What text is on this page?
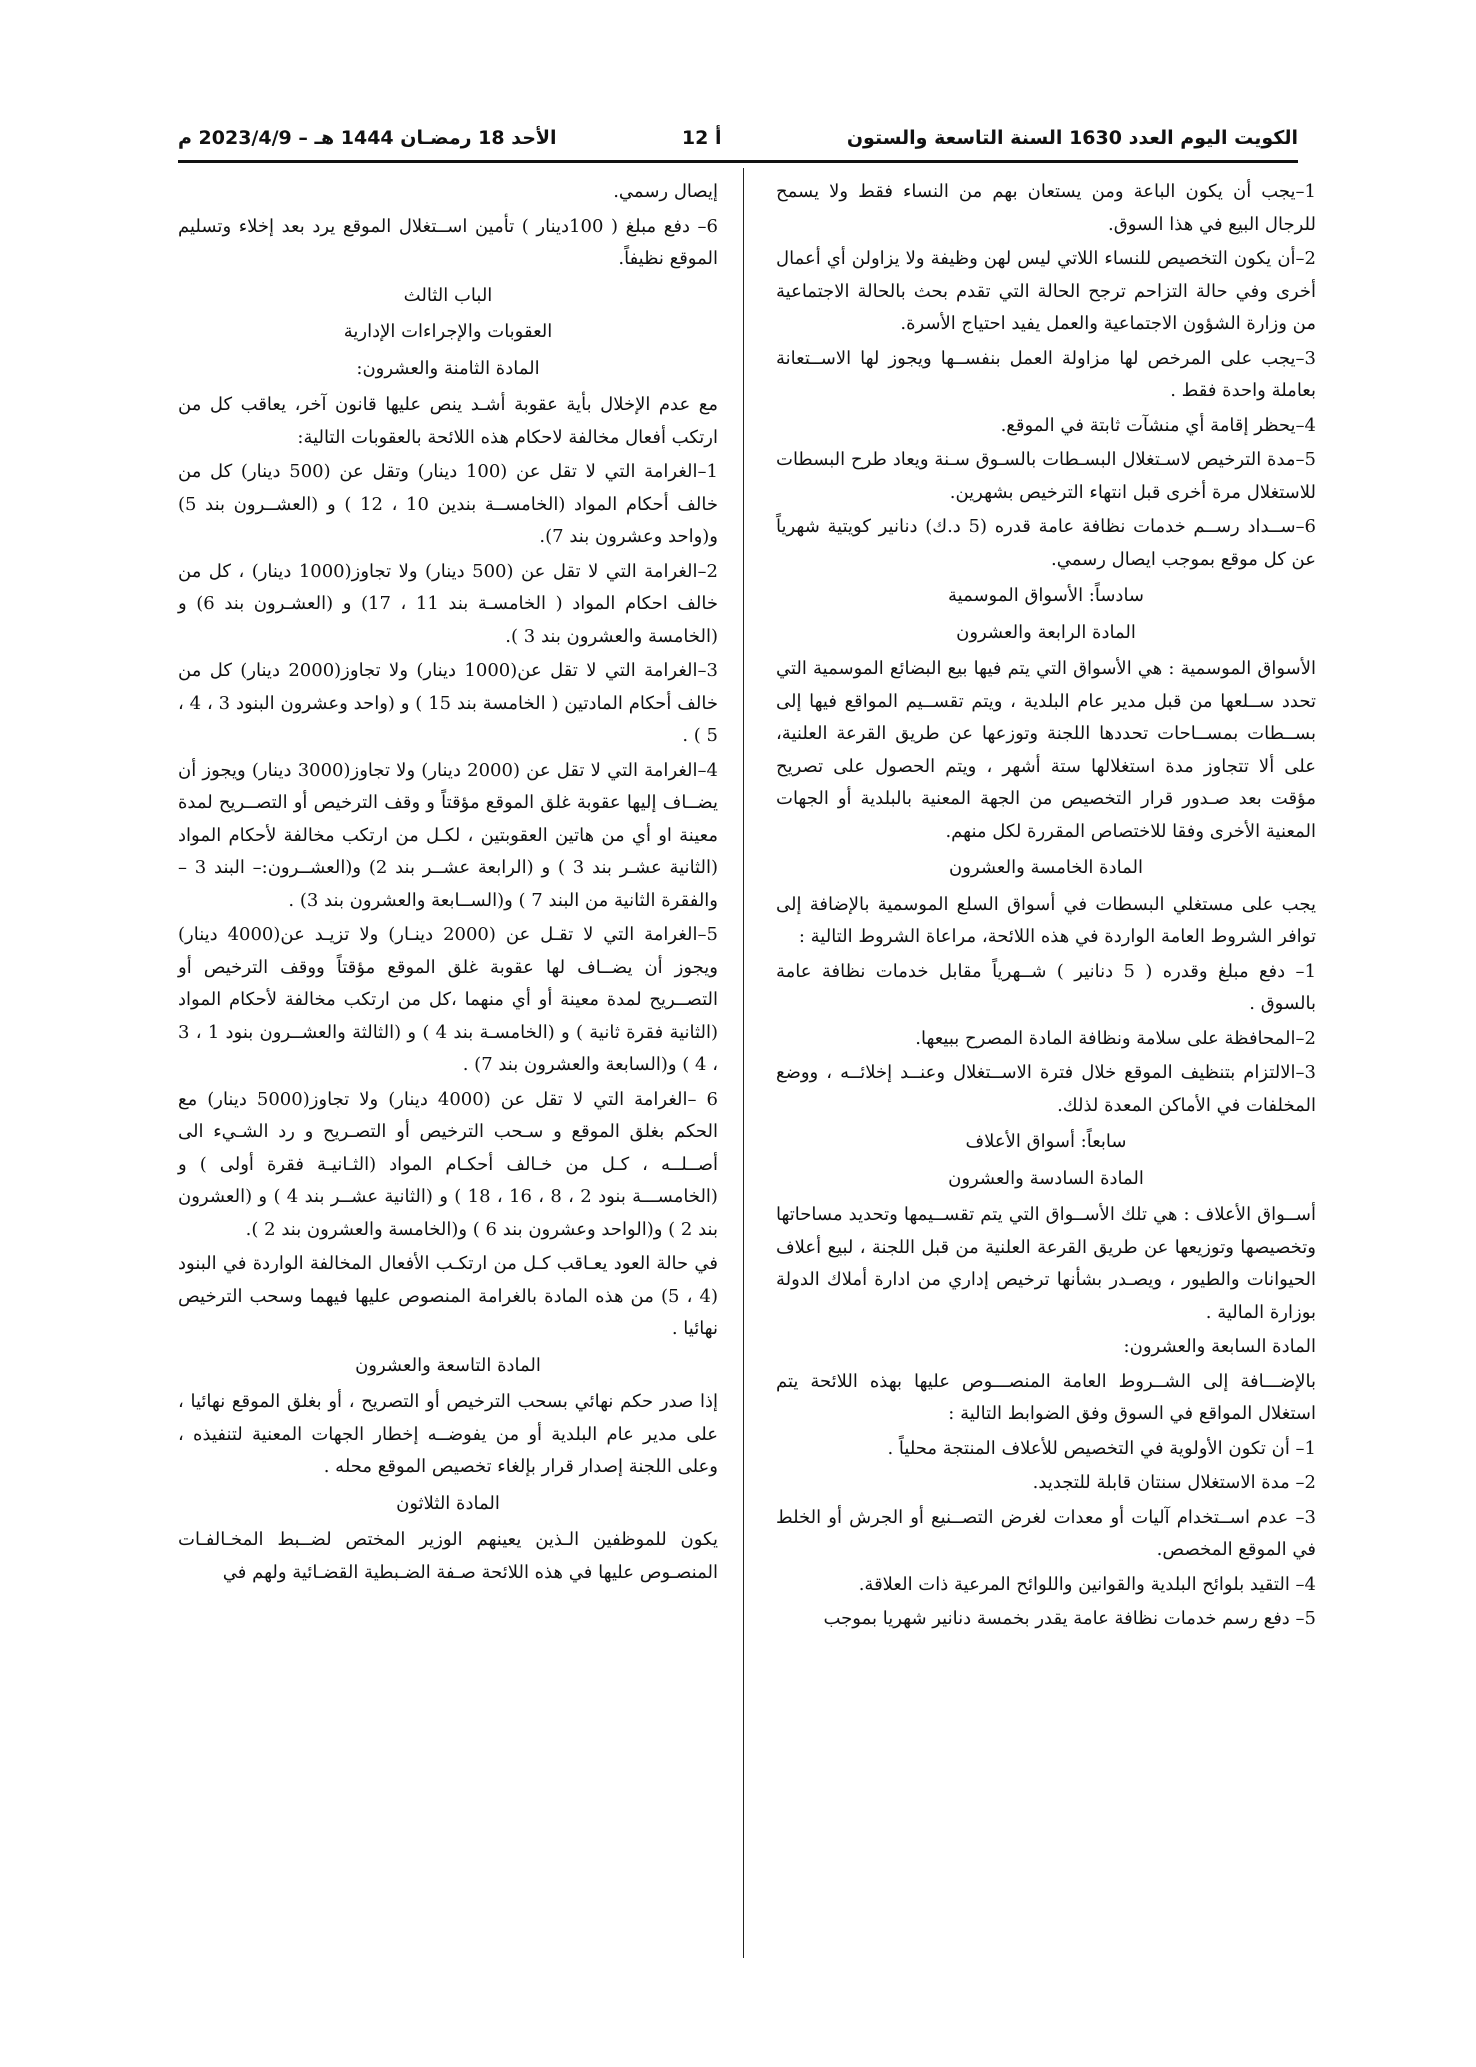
الكويت اليوم العدد 1630 السنة التاسعة والستون
أ 12
الأحد 18 رمضـان 1444 هـ – 2023/4/9 م

1–يجب أن يكون الباعة ومن يستعان بهم من النساء فقط ولا يسمح للرجال البيع في هذا السوق.

2–أن يكون التخصيص للنساء اللاتي ليس لهن وظيفة ولا يزاولن أي أعمال أخرى وفي حالة التزاحم ترجح الحالة التي تقدم بحث بالحالة الاجتماعية من وزارة الشؤون الاجتماعية والعمل يفيد احتياج الأسرة.

3–يجب على المرخص لها مزاولة العمل بنفســها ويجوز لها الاســتعانة بعاملة واحدة فقط .

4–يحظر إقامة أي منشآت ثابتة في الموقع.

5–مدة الترخيص لاسـتغلال البسـطات بالسـوق سـنة ويعاد طرح البسطات للاستغلال مرة أخرى قبل انتهاء الترخيص بشهرين.

6–ســداد رســم خدمات نظافة عامة قدره (5 د.ك) دنانير كويتية شهرياً عن كل موقع بموجب ايصال رسمي.

سادساً: الأسواق الموسمية

المادة الرابعة والعشرون

الأسواق الموسمية : هي الأسواق التي يتم فيها بيع البضائع الموسمية التي تحدد ســلعها من قبل مدير عام البلدية ، ويتم تقســيم المواقع فيها إلى بســطات بمســاحات تحددها اللجنة وتوزعها عن طريق القرعة العلنية، على ألا تتجاوز مدة استغلالها ستة أشهر ، ويتم الحصول على تصريح مؤقت بعد صـدور قرار التخصيص من الجهة المعنية بالبلدية أو الجهات المعنية الأخرى وفقا للاختصاص المقررة لكل منهم.

المادة الخامسة والعشرون

يجب على مستغلي البسطات في أسواق السلع الموسمية بالإضافة إلى توافر الشروط العامة الواردة في هذه اللائحة، مراعاة الشروط التالية :

1– دفع مبلغ وقدره ( 5 دنانير ) شــهرياً مقابل خدمات نظافة عامة بالسوق .

2–المحافظة على سلامة ونظافة المادة المصرح ببيعها.

3–الالتزام بتنظيف الموقع خلال فترة الاســتغلال وعنــد إخلائــه ، ووضع المخلفات في الأماكن المعدة لذلك.

سابعاً: أسواق الأعلاف

المادة السادسة والعشرون

أســواق الأعلاف : هي تلك الأســواق التي يتم تقســيمها وتحديد مساحاتها وتخصيصها وتوزيعها عن طريق القرعة العلنية من قبل اللجنة ، لبيع أعلاف الحيوانات والطيور ، ويصـدر بشأنها ترخيص إداري من ادارة أملاك الدولة بوزارة المالية .

المادة السابعة والعشرون:

بالإضـــافة إلى الشــروط العامة المنصـــوص عليها بهذه اللائحة يتم استغلال المواقع في السوق وفق الضوابط التالية :

1– أن تكون الأولوية في التخصيص للأعلاف المنتجة محلياً .

2– مدة الاستغلال سنتان قابلة للتجديد.

3– عدم اســتخدام آليات أو معدات لغرض التصــنيع أو الجرش أو الخلط في الموقع المخصص.

4– التقيد بلوائح البلدية والقوانين واللوائح المرعية ذات العلاقة.

5– دفع رسم خدمات نظافة عامة يقدر بخمسة دنانير شهريا بموجب

إيصال رسمي.

6– دفع مبلغ ( 100دينار ) تأمين اســتغلال الموقع يرد بعد إخلاء وتسليم الموقع نظيفاً.

الباب الثالث

العقوبات والإجراءات الإدارية

المادة الثامنة والعشرون:

مع عدم الإخلال بأية عقوبة أشـد ينص عليها قانون آخر، يعاقب كل من ارتكب أفعال مخالفة لاحكام هذه اللائحة بالعقوبات التالية:

1–الغرامة التي لا تقل عن (100 دينار) وتقل عن (500 دينار) كل من خالف أحكام المواد (الخامســة بندين 10 ، 12 ) و (العشــرون بند 5) و(واحد وعشرون بند 7).

2–الغرامة التي لا تقل عن (500 دينار) ولا تجاوز(1000 دينار) ، كل من خالف احكام المواد ( الخامسـة بند 11 ، 17) و (العشـرون بند 6) و (الخامسة والعشرون بند 3 ).

3–الغرامة التي لا تقل عن(1000 دينار) ولا تجاوز(2000 دينار) كل من خالف أحكام المادتين ( الخامسة بند 15 ) و (واحد وعشرون البنود 3 ، 4 ، 5 ) .

4–الغرامة التي لا تقل عن (2000 دينار) ولا تجاوز(3000 دينار) ويجوز أن يضــاف إليها عقوبة غلق الموقع مؤقتاً و وقف الترخيص أو التصــريح لمدة معينة او أي من هاتين العقوبتين ، لكـل من ارتكب مخالفة لأحكام المواد (الثانية عشـر بند 3 ) و (الرابعة عشــر بند 2) و(العشــرون:– البند 3 – والفقرة الثانية من البند 7 ) و(الســابعة والعشرون بند 3) .

5–الغرامة التي لا تقـل عن (2000 دينـار) ولا تزيـد عن(4000 دينار) ويجوز أن يضــاف لها عقوبة غلق الموقع مؤقتاً ووقف الترخيص أو التصــريح لمدة معينة أو أي منهما ،كل من ارتكب مخالفة لأحكام المواد (الثانية فقرة ثانية ) و (الخامسـة بند 4 ) و (الثالثة والعشــرون بنود 1 ، 3 ، 4 ) و(السابعة والعشرون بند 7) .

6 –الغرامة التي لا تقل عن (4000 دينار) ولا تجاوز(5000 دينار) مع الحكم بغلق الموقع و سـحب الترخيص أو التصـريح و رد الشـيء الى أصــلــه ، كـل من خـالف أحكـام المواد (الثـانيـة فقرة أولى ) و (الخامســـة بنود 2 ، 8 ، 16 ، 18 ) و (الثانية عشــر بند 4 ) و (العشرون بند 2 ) و(الواحد وعشرون بند 6 ) و(الخامسة والعشرون بند 2 ).

في حالة العود يعـاقب كـل من ارتكـب الأفعال المخالفة الواردة في البنود (4 ، 5) من هذه المادة بالغرامة المنصوص عليها فيهما وسحب الترخيص نهائيا .

المادة التاسعة والعشرون

إذا صدر حكم نهائي بسحب الترخيص أو التصريح ، أو بغلق الموقع نهائيا ، على مدير عام البلدية أو من يفوضــه إخطار الجهات المعنية لتنفيذه ، وعلى اللجنة إصدار قرار بإلغاء تخصيص الموقع محله .

المادة الثلاثون

يكون للموظفين الـذين يعينهم الوزير المختص لضــبط المخـالفـات المنصـوص عليها في هذه اللائحة صـفة الضـبطية القضـائية ولهم في
